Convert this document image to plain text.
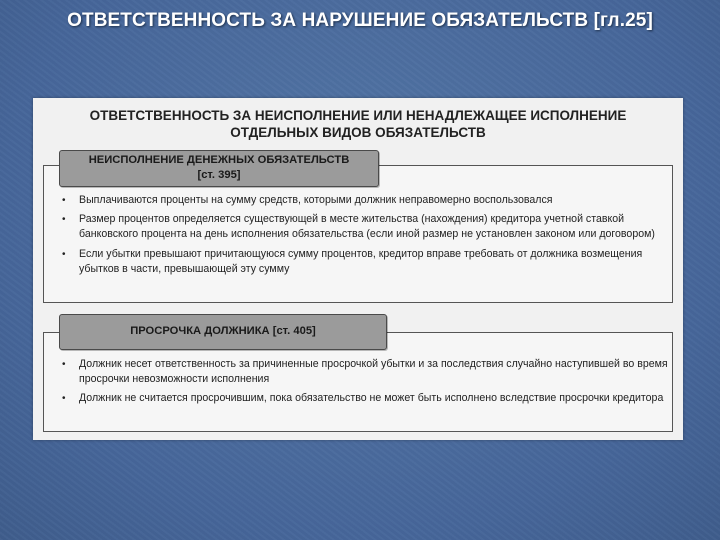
ОТВЕТСТВЕННОСТЬ ЗА НАРУШЕНИЕ ОБЯЗАТЕЛЬСТВ [гл.25]
ОТВЕТСТВЕННОСТЬ ЗА НЕИСПОЛНЕНИЕ ИЛИ НЕНАДЛЕЖАЩЕЕ ИСПОЛНЕНИЕ
ОТДЕЛЬНЫХ ВИДОВ ОБЯЗАТЕЛЬСТВ
• Выплачиваются проценты на сумму средств, которыми должник неправомерно воспользовался
• Размер процентов определяется существующей в месте жительства (нахождения) кредитора учетной ставкой банковского процента на день исполнения обязательства (если иной размер не установлен законом или договором)
• Если убытки превышают причитающуюся сумму процентов, кредитор вправе требовать от должника возмещения убытков в части, превышающей эту сумму
НЕИСПОЛНЕНИЕ ДЕНЕЖНЫХ ОБЯЗАТЕЛЬСТВ
[ст. 395]
• Должник несет ответственность за причиненные просрочкой убытки и за последствия случайно наступившей во время просрочки невозможности исполнения
• Должник не считается просрочившим, пока обязательство не может быть исполнено вследствие просрочки кредитора
ПРОСРОЧКА ДОЛЖНИКА [ст. 405]
